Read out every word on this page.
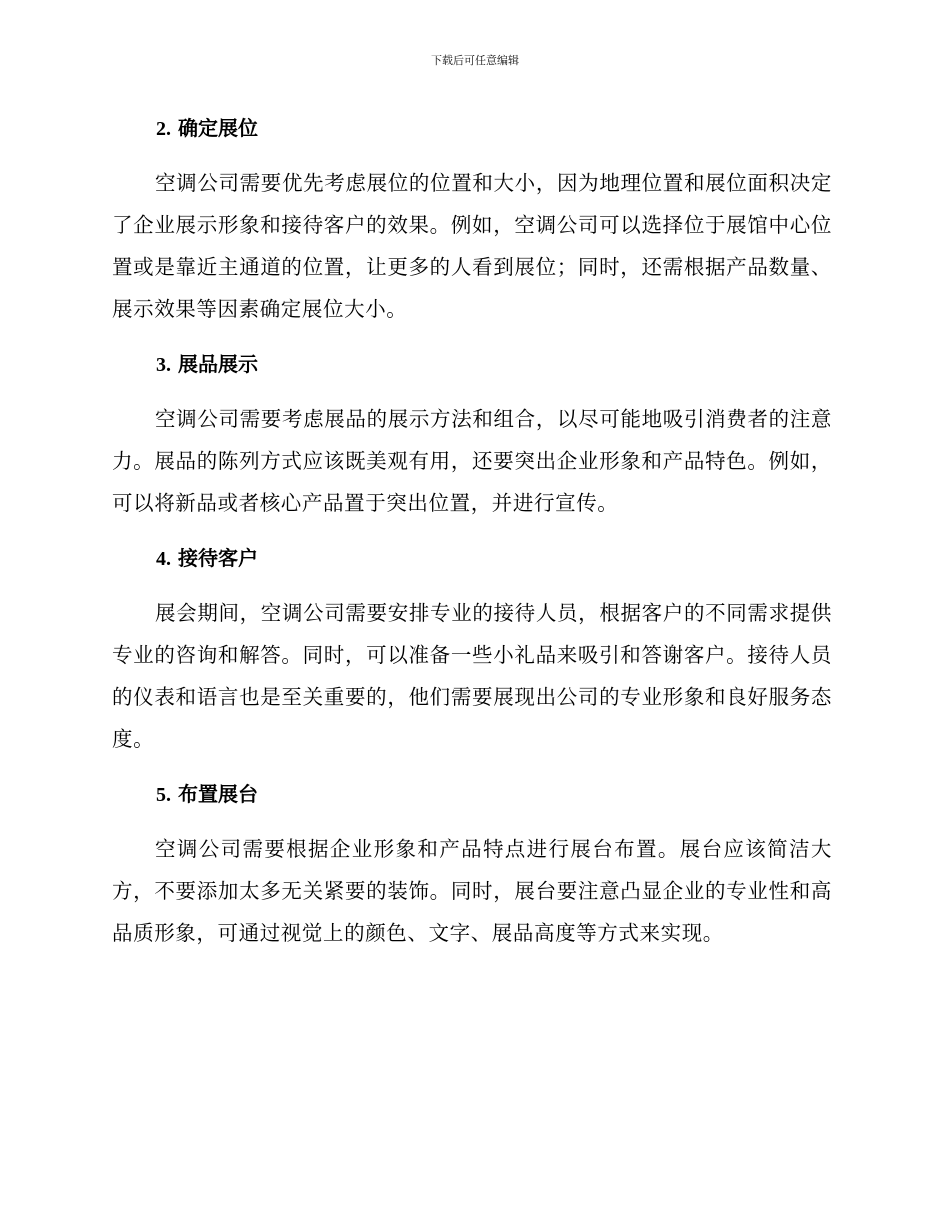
下载后可任意编辑
2. 确定展位

空调公司需要优先考虑展位的位置和大小，因为地理位置和展位面积决定了企业展示形象和接待客户的效果。例如，空调公司可以选择位于展馆中心位置或是靠近主通道的位置，让更多的人看到展位；同时，还需根据产品数量、展示效果等因素确定展位大小。

3. 展品展示

空调公司需要考虑展品的展示方法和组合，以尽可能地吸引消费者的注意力。展品的陈列方式应该既美观有用，还要突出企业形象和产品特色。例如，可以将新品或者核心产品置于突出位置，并进行宣传。

4. 接待客户

展会期间，空调公司需要安排专业的接待人员，根据客户的不同需求提供专业的咨询和解答。同时，可以准备一些小礼品来吸引和答谢客户。接待人员的仪表和语言也是至关重要的，他们需要展现出公司的专业形象和良好服务态度。

5. 布置展台

空调公司需要根据企业形象和产品特点进行展台布置。展台应该简洁大方，不要添加太多无关紧要的装饰。同时，展台要注意凸显企业的专业性和高品质形象，可通过视觉上的颜色、文字、展品高度等方式来实现。
